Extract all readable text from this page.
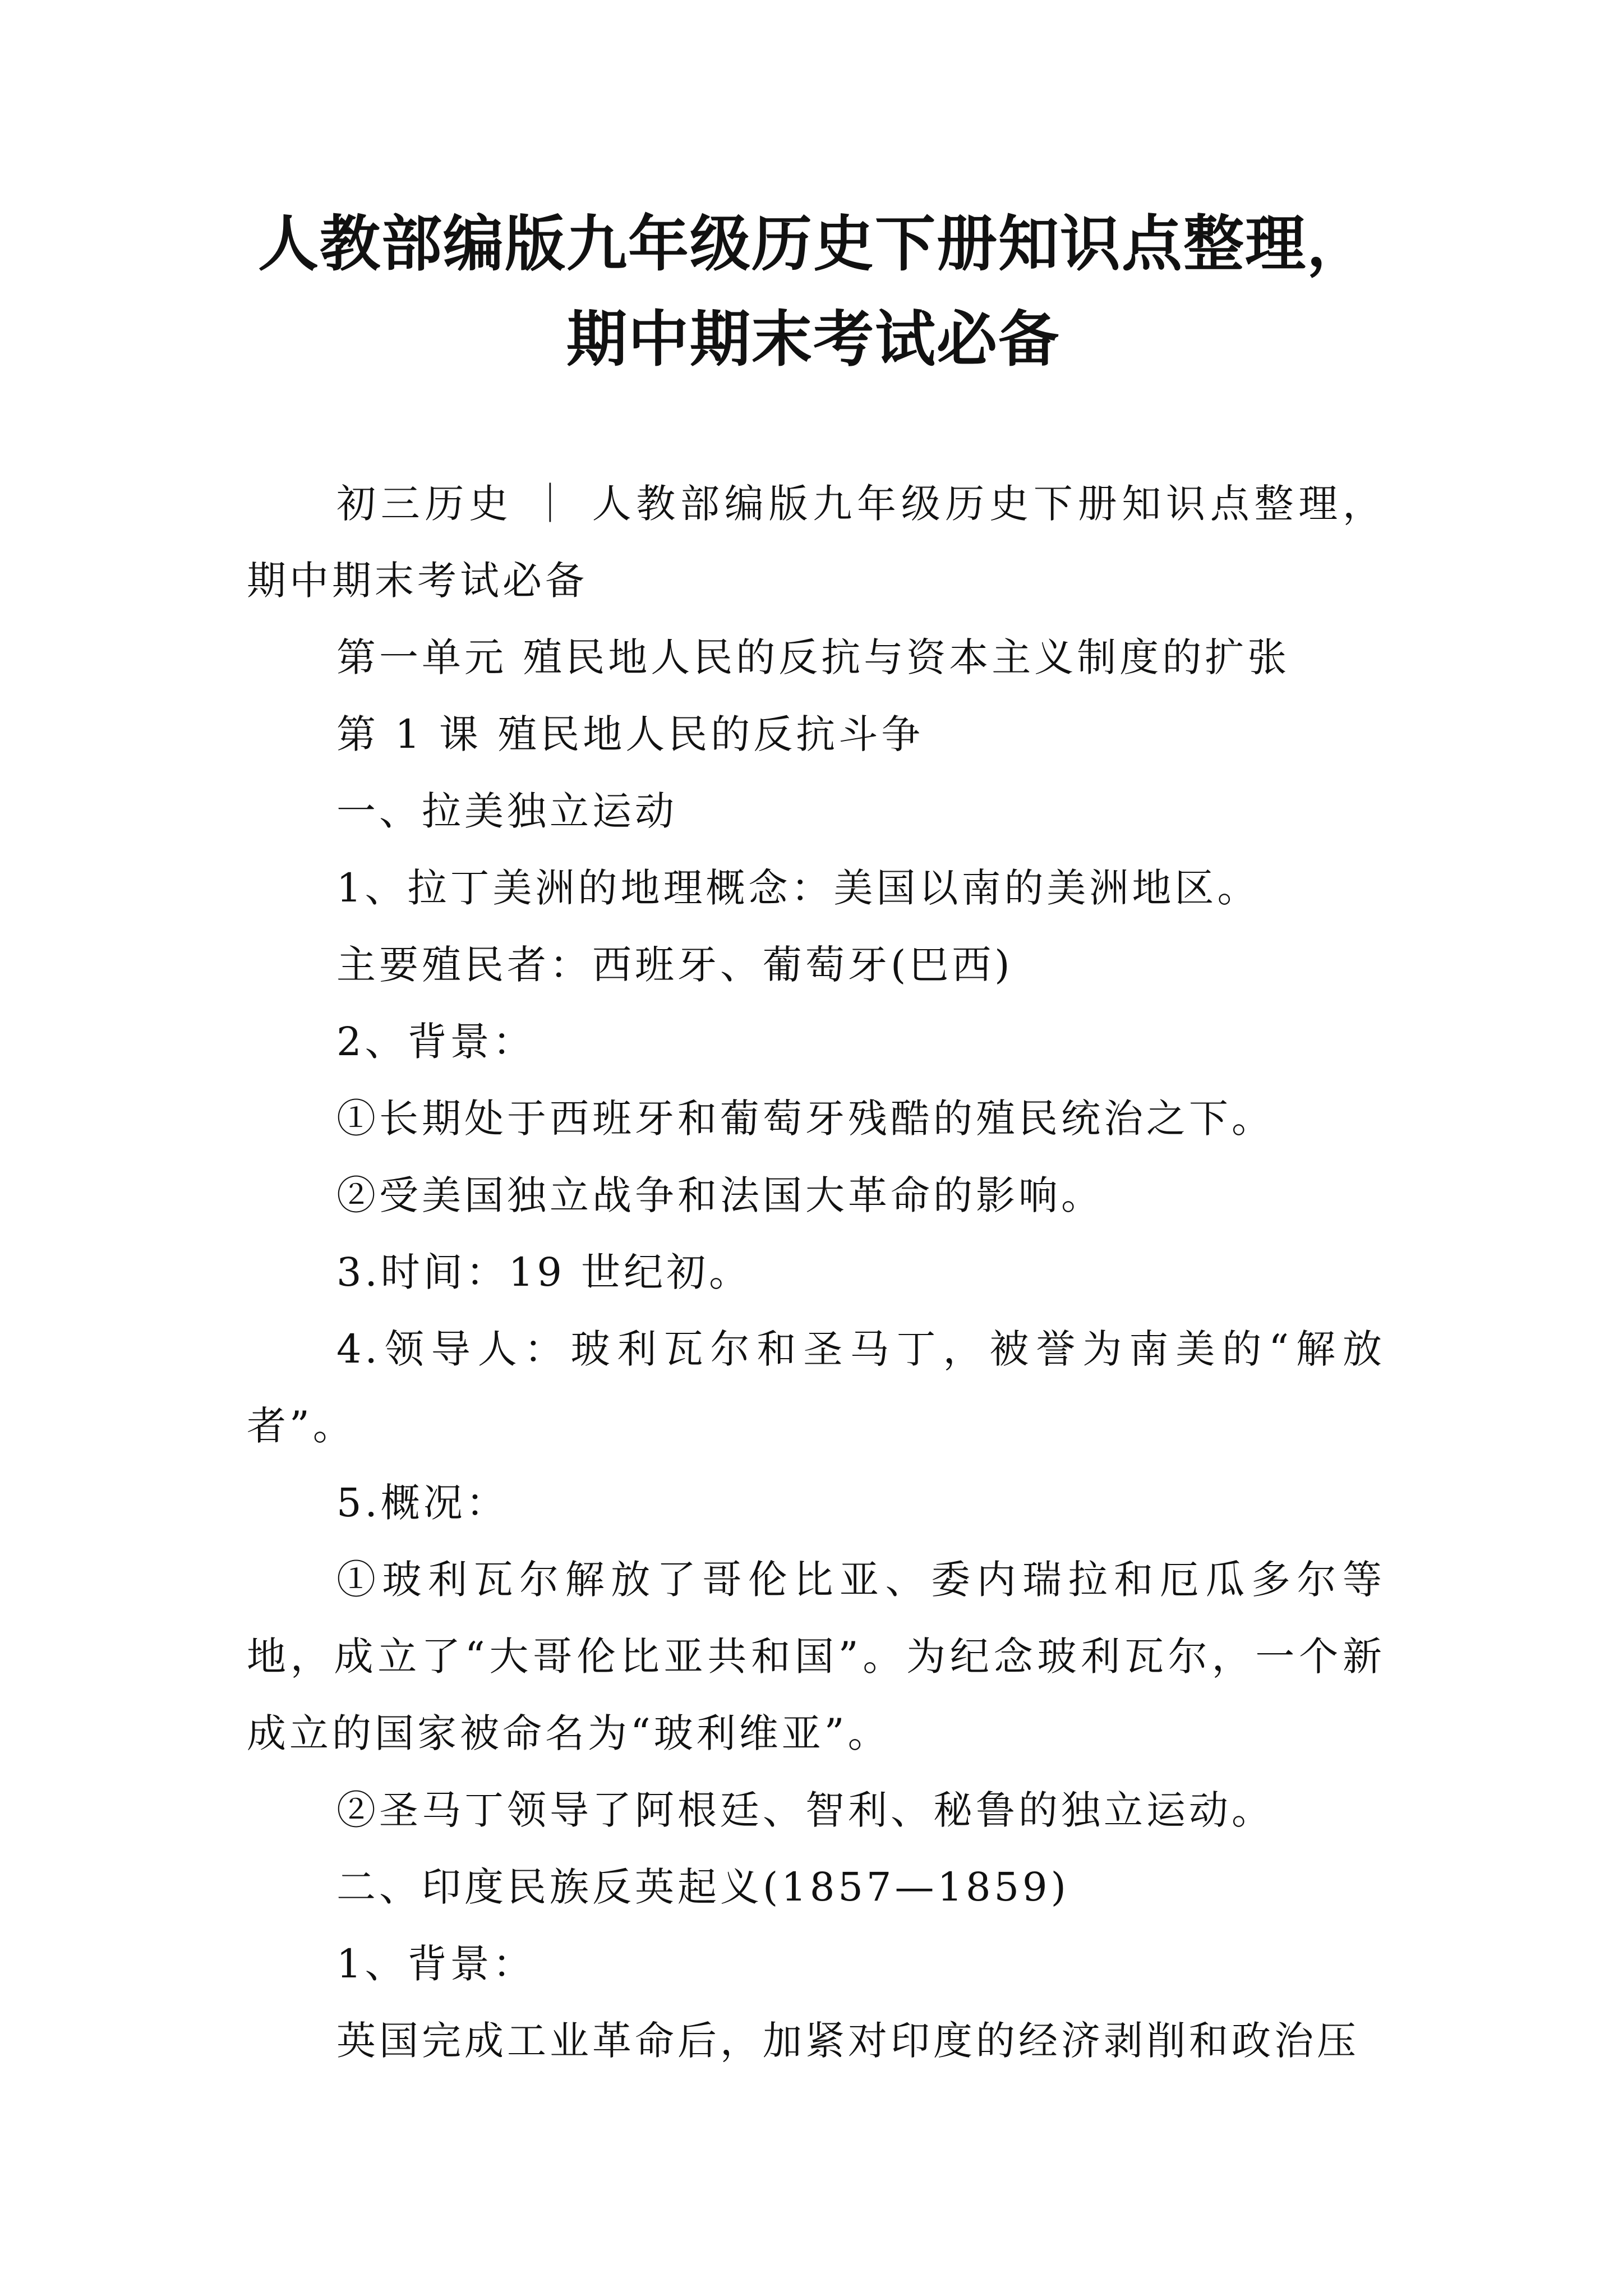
人教部编版九年级历史下册知识点整理，期中期末考试必备

初三历史 ｜ 人教部编版九年级历史下册知识点整理，期中期末考试必备

第一单元 殖民地人民的反抗与资本主义制度的扩张

第 1 课 殖民地人民的反抗斗争

一、拉美独立运动

1、拉丁美洲的地理概念：美国以南的美洲地区。

主要殖民者：西班牙、葡萄牙(巴西)

2、背景：

①长期处于西班牙和葡萄牙残酷的殖民统治之下。

②受美国独立战争和法国大革命的影响。

3.时间：19 世纪初。

4.领导人：玻利瓦尔和圣马丁，被誉为南美的“解放者”。

5.概况：

①玻利瓦尔解放了哥伦比亚、委内瑞拉和厄瓜多尔等地，成立了“大哥伦比亚共和国”。为纪念玻利瓦尔，一个新成立的国家被命名为“玻利维亚”。

②圣马丁领导了阿根廷、智利、秘鲁的独立运动。

二、印度民族反英起义(1857—1859)

1、背景：

英国完成工业革命后，加紧对印度的经济剥削和政治压
